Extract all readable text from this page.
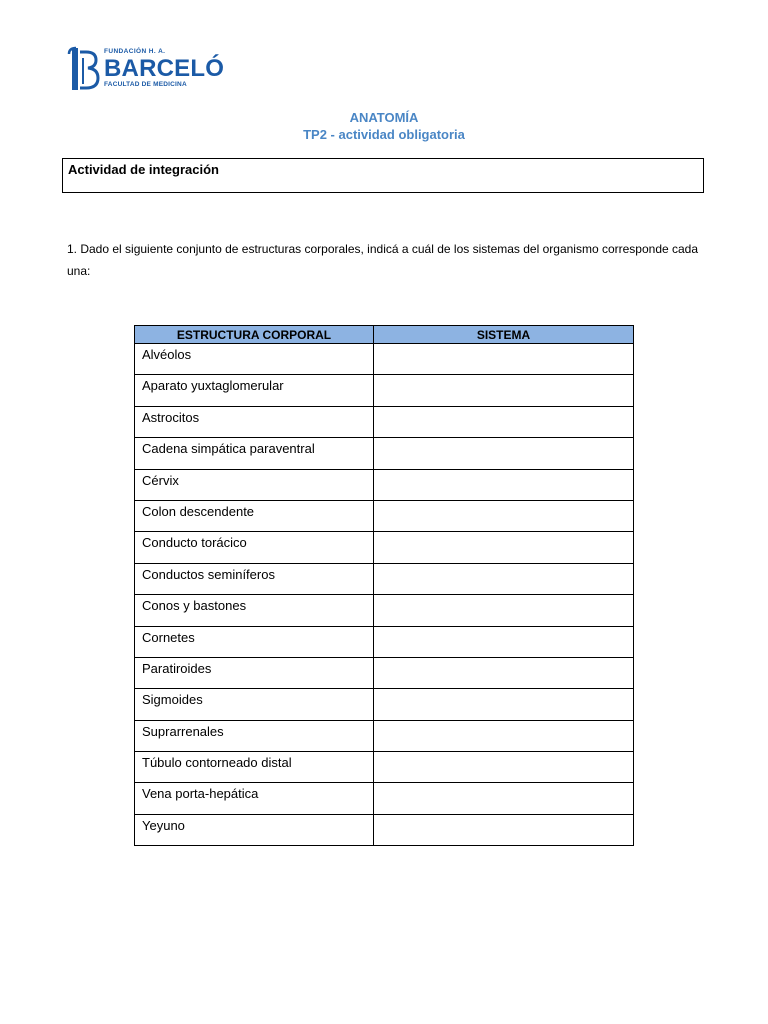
FUNDACIÓN H. A.
BARCELÓ
FACULTAD DE MEDICINA
ANATOMÍA
TP2 - actividad obligatoria
Actividad de integración
1. Dado el siguiente conjunto de estructuras corporales, indicá a cuál de los sistemas del organismo corresponde cada una:
ESTRUCTURA CORPORAL	SISTEMA
Alvéolos	
Aparato yuxtaglomerular	
Astrocitos	
Cadena simpática paraventral	
Cérvix	
Colon descendente	
Conducto torácico	
Conductos seminíferos	
Conos y bastones	
Cornetes	
Paratiroides	
Sigmoides	
Suprarrenales	
Túbulo contorneado distal	
Vena porta-hepática	
Yeyuno	
